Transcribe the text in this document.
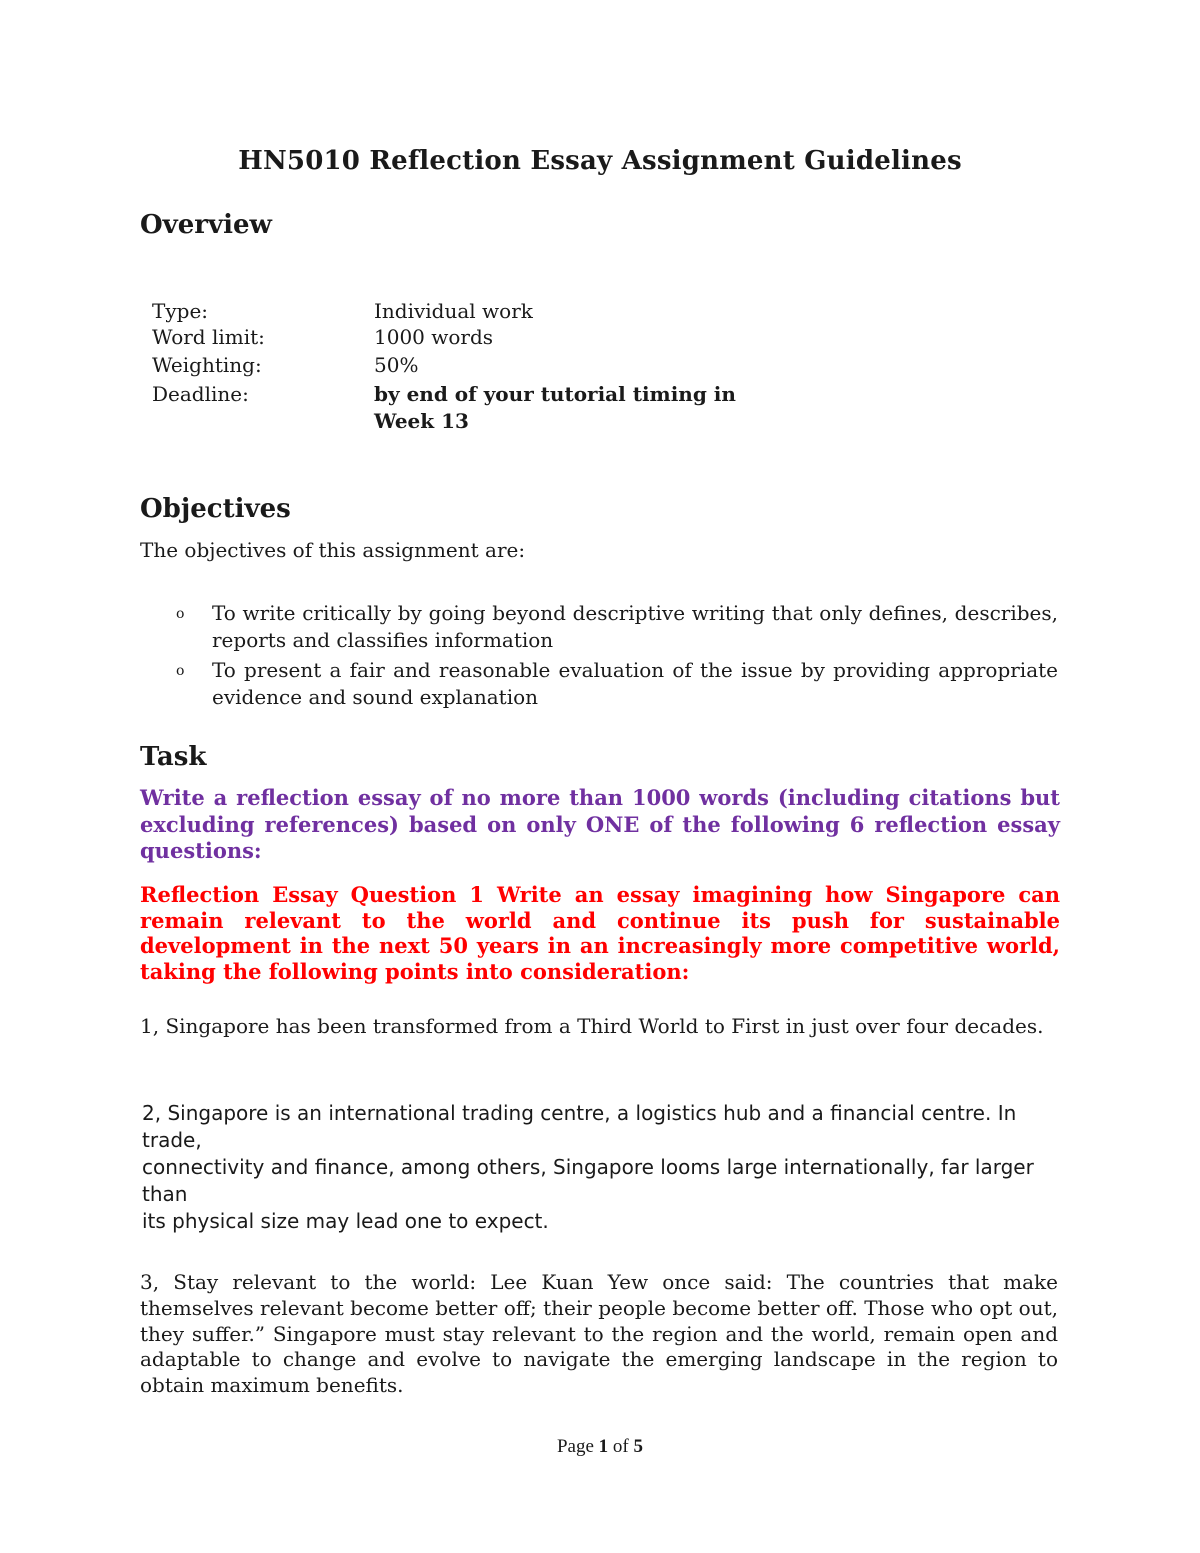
HN5010 Reflection Essay Assignment Guidelines
Overview
Type:	Individual work
Word limit:	1000 words
Weighting:	50%
Deadline:	by end of your tutorial timing in Week 13
Objectives
The objectives of this assignment are:
o To write critically by going beyond descriptive writing that only defines, describes, reports and classifies information
o To present a fair and reasonable evaluation of the issue by providing appropriate evidence and sound explanation
Task
Write a reflection essay of no more than 1000 words (including citations but excluding references) based on only ONE of the following 6 reflection essay questions:
Reflection Essay Question 1 Write an essay imagining how Singapore can remain relevant to the world and continue its push for sustainable development in the next 50 years in an increasingly more competitive world, taking the following points into consideration:
1, Singapore has been transformed from a Third World to First in just over four decades.
2, Singapore is an international trading centre, a logistics hub and a financial centre. In trade,
connectivity and finance, among others, Singapore looms large internationally, far larger than
its physical size may lead one to expect.
3, Stay relevant to the world: Lee Kuan Yew once said: The countries that make themselves relevant become better off; their people become better off. Those who opt out, they suffer.” Singapore must stay relevant to the region and the world, remain open and adaptable to change and evolve to navigate the emerging landscape in the region to obtain maximum benefits.
Page 1 of 5
